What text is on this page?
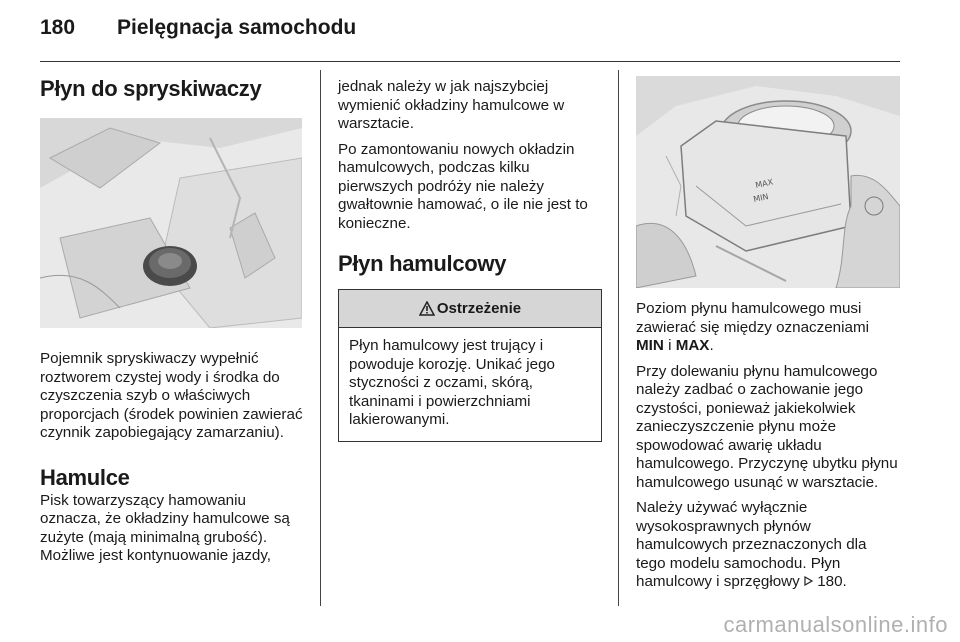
180 Pielęgnacja samochodu
Płyn do spryskiwaczy

Pojemnik spryskiwaczy wypełnić roztworem czystej wody i środka do czyszczenia szyb o właściwych proporcjach (środek powinien zawierać czynnik zapobiegający zamarzaniu).

Hamulce

Pisk towarzyszący hamowaniu oznacza, że okładziny hamulcowe są zużyte (mają minimalną grubość). Możliwe jest kontynuowanie jazdy,

jednak należy w jak najszybciej wymienić okładziny hamulcowe w warsztacie.

Po zamontowaniu nowych okładzin hamulcowych, podczas kilku pierwszych podróży nie należy gwałtownie hamować, o ile nie jest to konieczne.

Płyn hamulcowy
Ostrzeżenie

Płyn hamulcowy jest trujący i powoduje korozję. Unikać jego styczności z oczami, skórą, tkaninami i powierzchniami lakierowanymi.

MAX
MIN

Poziom płynu hamulcowego musi zawierać się między oznaczeniami MIN i MAX.

Przy dolewaniu płynu hamulcowego należy zadbać o zachowanie jego czystości, ponieważ jakiekolwiek zanieczyszczenie płynu może spowodować awarię układu hamulcowego. Przyczynę ubytku płynu hamulcowego usunąć w warsztacie.

Należy używać wyłącznie wysokosprawnych płynów hamulcowych przeznaczonych dla tego modelu samochodu. Płyn hamulcowy i sprzęgłowy 180.

carmanualsonline.info
